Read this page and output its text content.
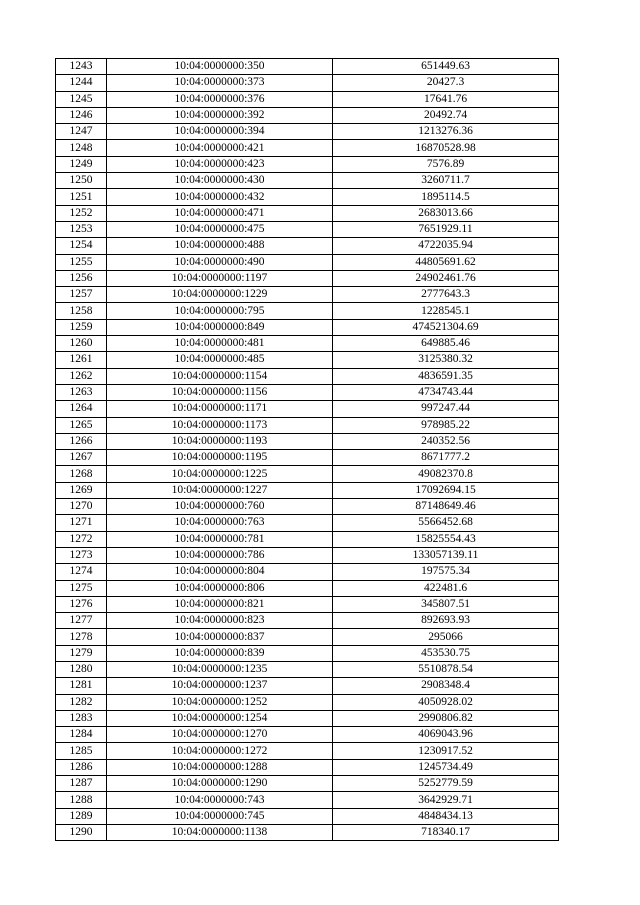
1243	10:04:0000000:350	651449.63
1244	10:04:0000000:373	20427.3
1245	10:04:0000000:376	17641.76
1246	10:04:0000000:392	20492.74
1247	10:04:0000000:394	1213276.36
1248	10:04:0000000:421	16870528.98
1249	10:04:0000000:423	7576.89
1250	10:04:0000000:430	3260711.7
1251	10:04:0000000:432	1895114.5
1252	10:04:0000000:471	2683013.66
1253	10:04:0000000:475	7651929.11
1254	10:04:0000000:488	4722035.94
1255	10:04:0000000:490	44805691.62
1256	10:04:0000000:1197	24902461.76
1257	10:04:0000000:1229	2777643.3
1258	10:04:0000000:795	1228545.1
1259	10:04:0000000:849	474521304.69
1260	10:04:0000000:481	649885.46
1261	10:04:0000000:485	3125380.32
1262	10:04:0000000:1154	4836591.35
1263	10:04:0000000:1156	4734743.44
1264	10:04:0000000:1171	997247.44
1265	10:04:0000000:1173	978985.22
1266	10:04:0000000:1193	240352.56
1267	10:04:0000000:1195	8671777.2
1268	10:04:0000000:1225	49082370.8
1269	10:04:0000000:1227	17092694.15
1270	10:04:0000000:760	87148649.46
1271	10:04:0000000:763	5566452.68
1272	10:04:0000000:781	15825554.43
1273	10:04:0000000:786	133057139.11
1274	10:04:0000000:804	197575.34
1275	10:04:0000000:806	422481.6
1276	10:04:0000000:821	345807.51
1277	10:04:0000000:823	892693.93
1278	10:04:0000000:837	295066
1279	10:04:0000000:839	453530.75
1280	10:04:0000000:1235	5510878.54
1281	10:04:0000000:1237	2908348.4
1282	10:04:0000000:1252	4050928.02
1283	10:04:0000000:1254	2990806.82
1284	10:04:0000000:1270	4069043.96
1285	10:04:0000000:1272	1230917.52
1286	10:04:0000000:1288	1245734.49
1287	10:04:0000000:1290	5252779.59
1288	10:04:0000000:743	3642929.71
1289	10:04:0000000:745	4848434.13
1290	10:04:0000000:1138	718340.17
